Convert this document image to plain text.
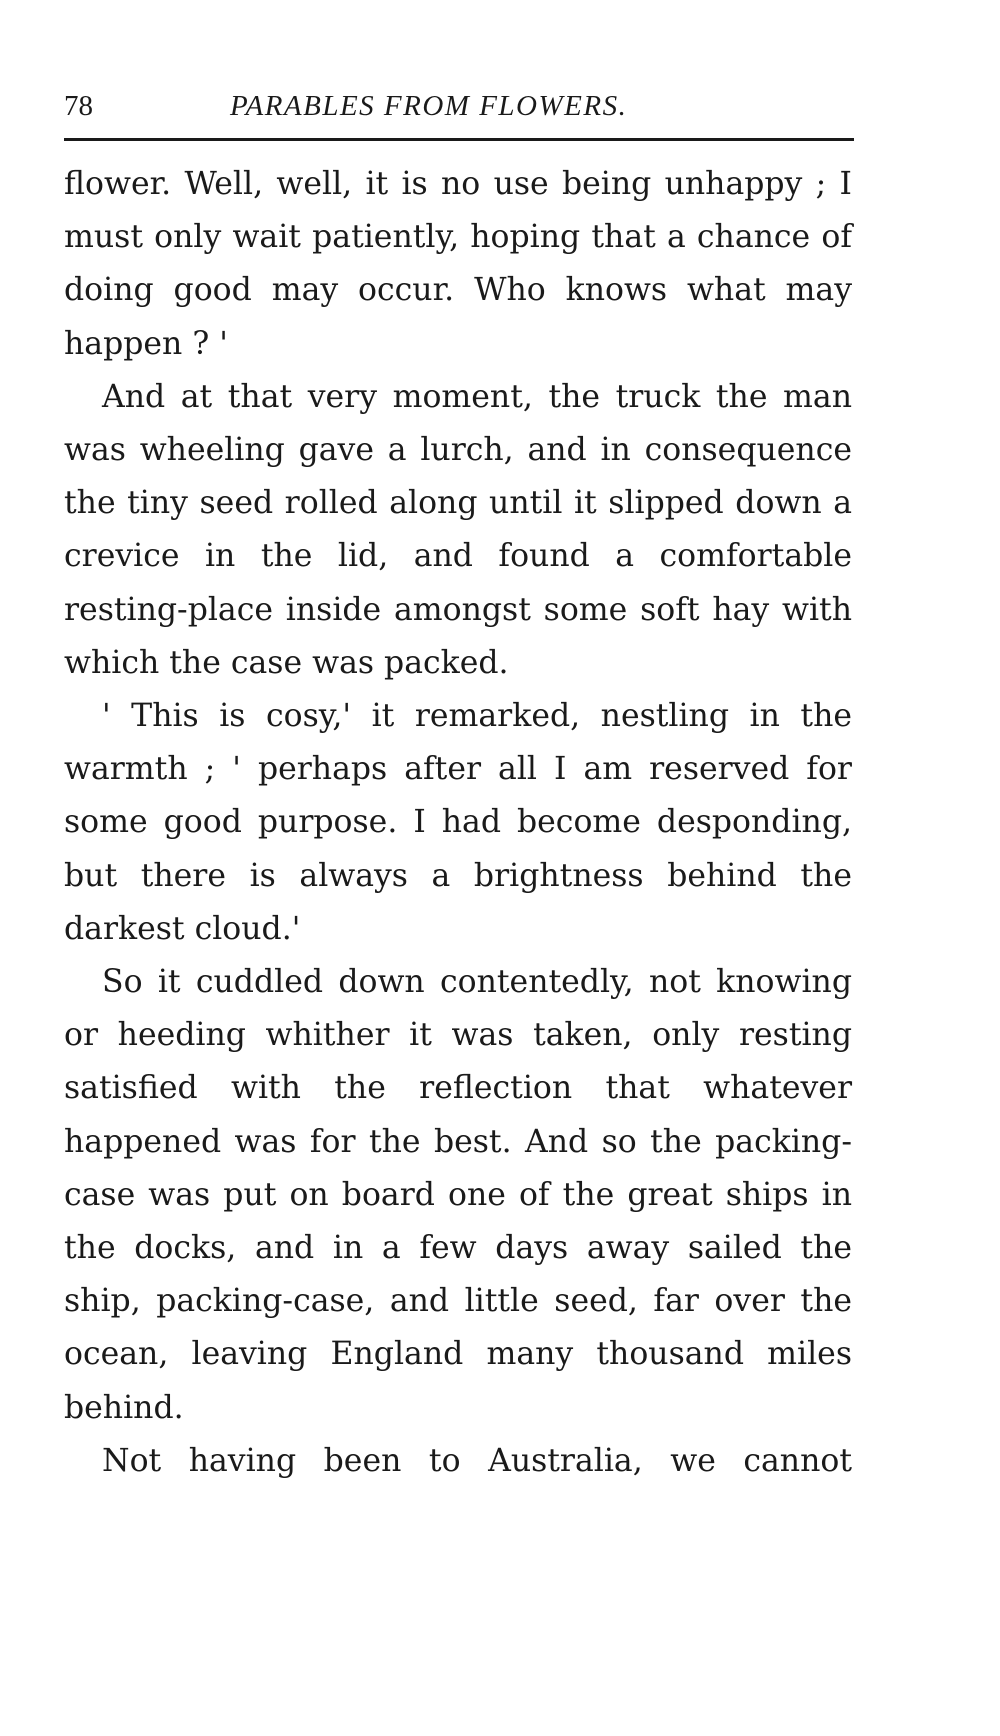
78	PARABLES FROM FLOWERS.

flower. Well, well, it is no use being unhappy ; I must only wait patiently, hoping that a chance of doing good may occur. Who knows what may happen ? '

And at that very moment, the truck the man was wheeling gave a lurch, and in consequence the tiny seed rolled along until it slipped down a crevice in the lid, and found a comfortable resting-place inside amongst some soft hay with which the case was packed.

' This is cosy,' it remarked, nestling in the warmth ; ' perhaps after all I am reserved for some good purpose. I had become desponding, but there is always a brightness behind the darkest cloud.'

So it cuddled down contentedly, not knowing or heeding whither it was taken, only resting satisfied with the reflection that whatever happened was for the best. And so the packing-case was put on board one of the great ships in the docks, and in a few days away sailed the ship, packing-case, and little seed, far over the ocean, leaving England many thousand miles behind.

Not having been to Australia, we cannot
